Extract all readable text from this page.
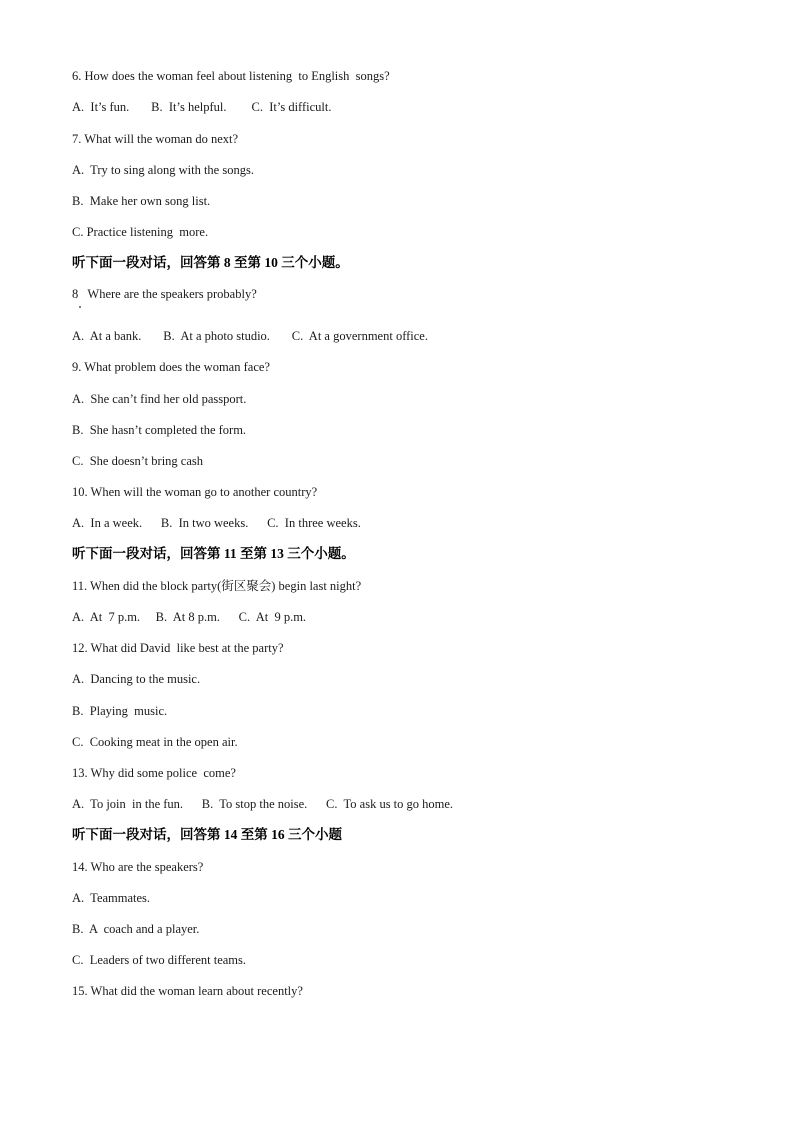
6. How does the woman feel about listening  to English  songs?
A.  It’s fun.       B.  It’s helpful.        C.  It’s difficult.
7. What will the woman do next?
A.  Try to sing along with the songs.
B.  Make her own song list.
C. Practice listening  more.
听下面一段对话，回答第 8 至第 10 三个小题。
8   Where are the speakers probably?
A.  At a bank.       B.  At a photo studio.       C.  At a government office.
9. What problem does the woman face?
A.  She can’t find her old passport.
B.  She hasn’t completed the form.
C.  She doesn’t bring cash
10. When will the woman go to another country?
A.  In a week.      B.  In two weeks.      C.  In three weeks.
听下面一段对话，回答第 11 至第 13 三个小题。
11. When did the block party(街区聚会) begin last night?
A.  At  7 p.m.     B.  At 8 p.m.      C.  At  9 p.m.
12. What did David  like best at the party?
A.  Dancing to the music.
B.  Playing  music.
C.  Cooking meat in the open air.
13. Why did some police  come?
A.  To join  in the fun.      B.  To stop the noise.      C.  To ask us to go home.
听下面一段对话，回答第 14 至第 16 三个小题
14. Who are the speakers?
A.  Teammates.
B.  A  coach and a player.
C.  Leaders of two different teams.
15. What did the woman learn about recently?
